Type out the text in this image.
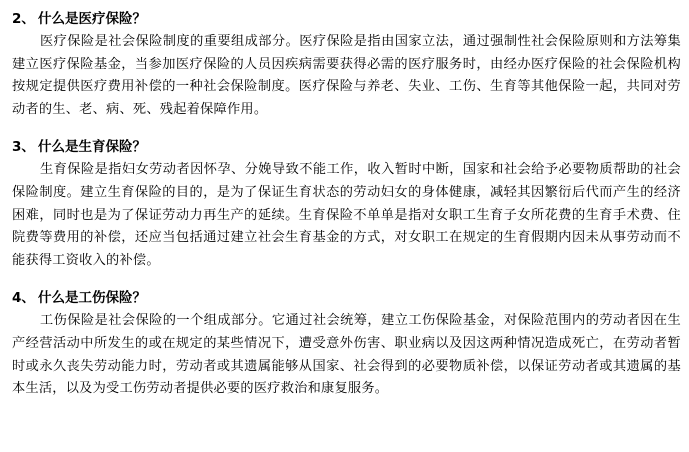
2、 什么是医疗保险？

医疗保险是社会保险制度的重要组成部分。医疗保险是指由国家立法，通过强制性社会保险原则和方法筹集建立医疗保险基金，当参加医疗保险的人员因疾病需要获得必需的医疗服务时，由经办医疗保险的社会保险机构按规定提供医疗费用补偿的一种社会保险制度。医疗保险与养老、失业、工伤、生育等其他保险一起，共同对劳动者的生、老、病、死、残起着保障作用。

3、 什么是生育保险？

生育保险是指妇女劳动者因怀孕、分娩导致不能工作，收入暂时中断，国家和社会给予必要物质帮助的社会保险制度。建立生育保险的目的，是为了保证生育状态的劳动妇女的身体健康，减轻其因繁衍后代而产生的经济困难，同时也是为了保证劳动力再生产的延续。生育保险不单单是指对女职工生育子女所花费的生育手术费、住院费等费用的补偿，还应当包括通过建立社会生育基金的方式，对女职工在规定的生育假期内因未从事劳动而不能获得工资收入的补偿。

4、 什么是工伤保险？

工伤保险是社会保险的一个组成部分。它通过社会统筹，建立工伤保险基金，对保险范围内的劳动者因在生产经营活动中所发生的或在规定的某些情况下，遭受意外伤害、职业病以及因这两种情况造成死亡，在劳动者暂时或永久丧失劳动能力时，劳动者或其遗属能够从国家、社会得到的必要物质补偿，以保证劳动者或其遗属的基本生活，以及为受工伤劳动者提供必要的医疗救治和康复服务。
